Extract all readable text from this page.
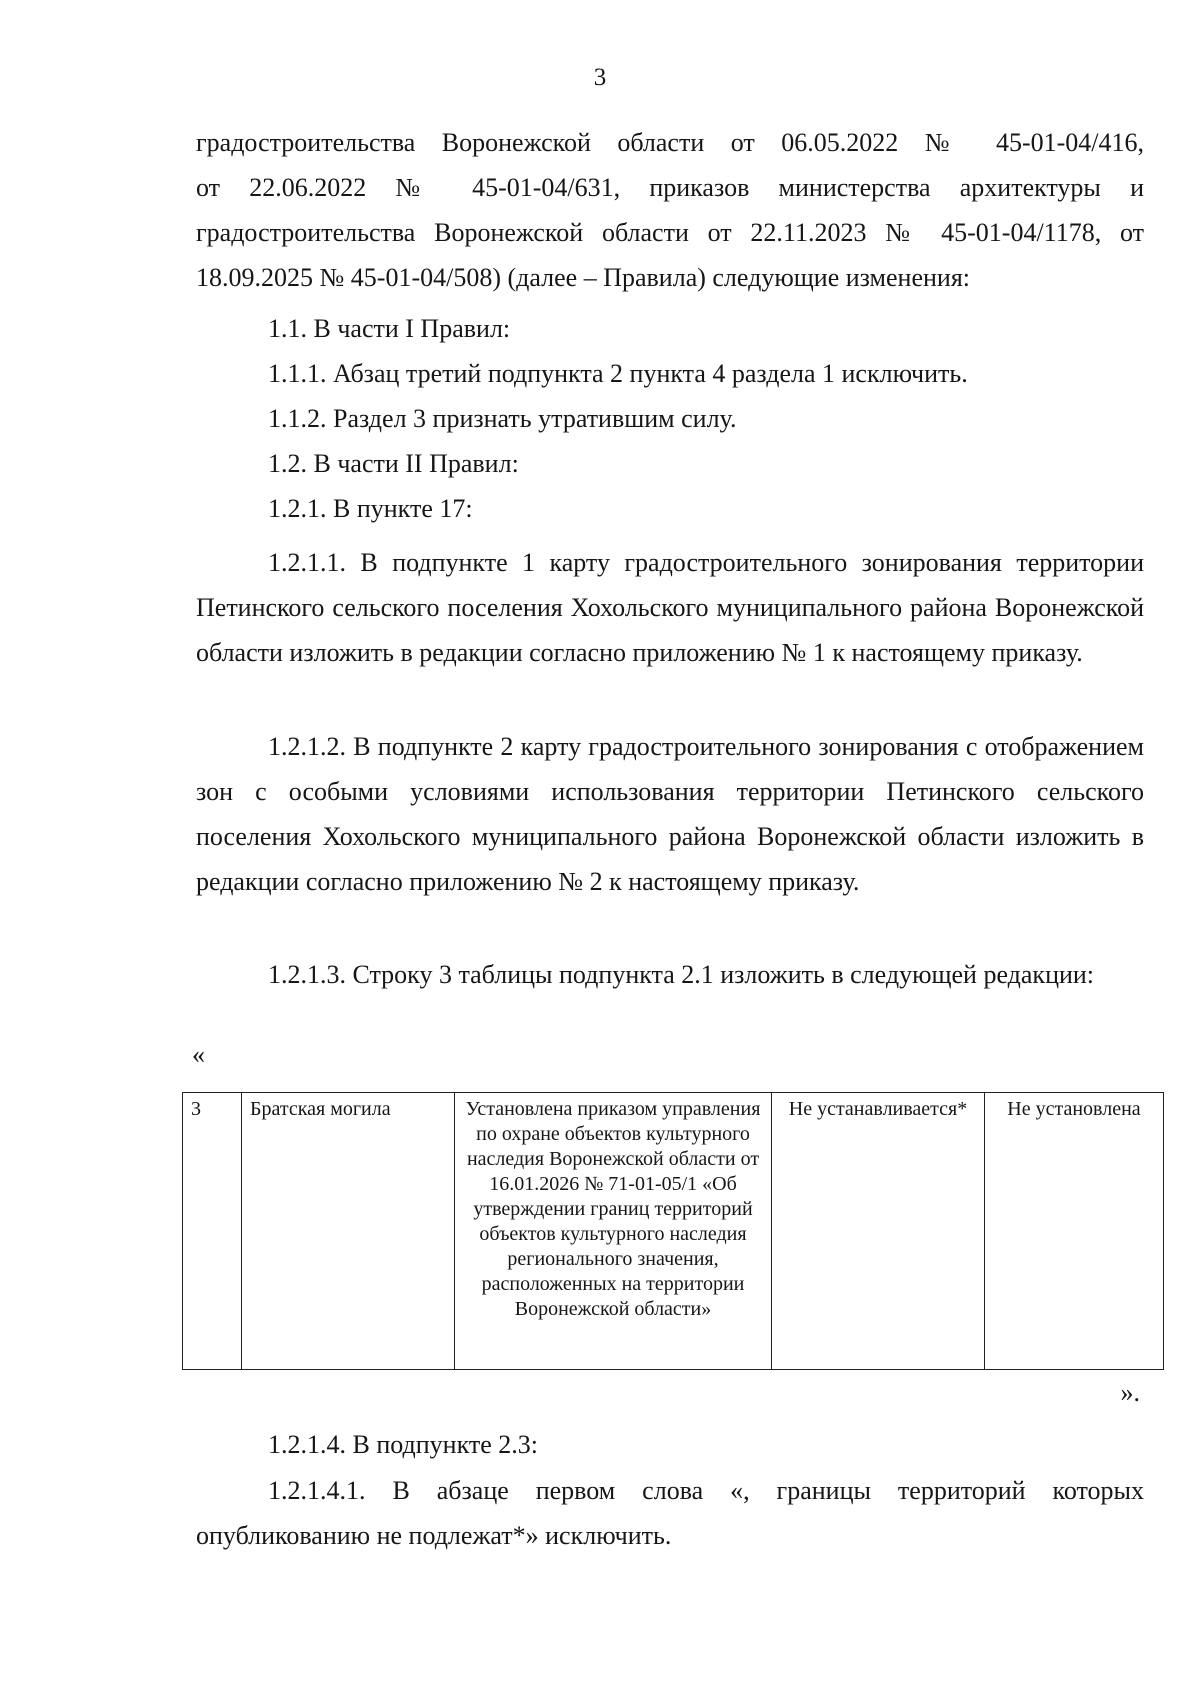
3

градостроительства Воронежской области от 06.05.2022 № 45-01-04/416,

от 22.06.2022 № 45-01-04/631, приказов министерства архитектуры и

градостроительства Воронежской области от 22.11.2023 № 45-01-04/1178, от

18.09.2025 № 45-01-04/508) (далее – Правила) следующие изменения:

1.1. В части I Правил:

1.1.1. Абзац третий подпункта 2 пункта 4 раздела 1 исключить.

1.1.2. Раздел 3 признать утратившим силу.

1.2. В части II Правил:

1.2.1. В пункте 17:

1.2.1.1. В подпункте 1 карту градостроительного зонирования территории Петинского сельского поселения Хохольского муниципального района Воронежской области изложить в редакции согласно приложению № 1 к настоящему приказу.

1.2.1.2. В подпункте 2 карту градостроительного зонирования с отображением зон с особыми условиями использования территории Петинского сельского поселения Хохольского муниципального района Воронежской области изложить в редакции согласно приложению № 2 к настоящему приказу.

1.2.1.3. Строку 3 таблицы подпункта 2.1 изложить в следующей редакции:

«
3	Братская могила	Установлена приказом управления по охране объектов культурного наследия Воронежской области от 16.01.2026 № 71-01-05/1 «Об утверждении границ территорий объектов культурного наследия регионального значения, расположенных на территории Воронежской области»	Не устанавливается*	Не установлена
».

1.2.1.4. В подпункте 2.3:

1.2.1.4.1. В абзаце первом слова «, границы территорий которых опубликованию не подлежат*» исключить.
